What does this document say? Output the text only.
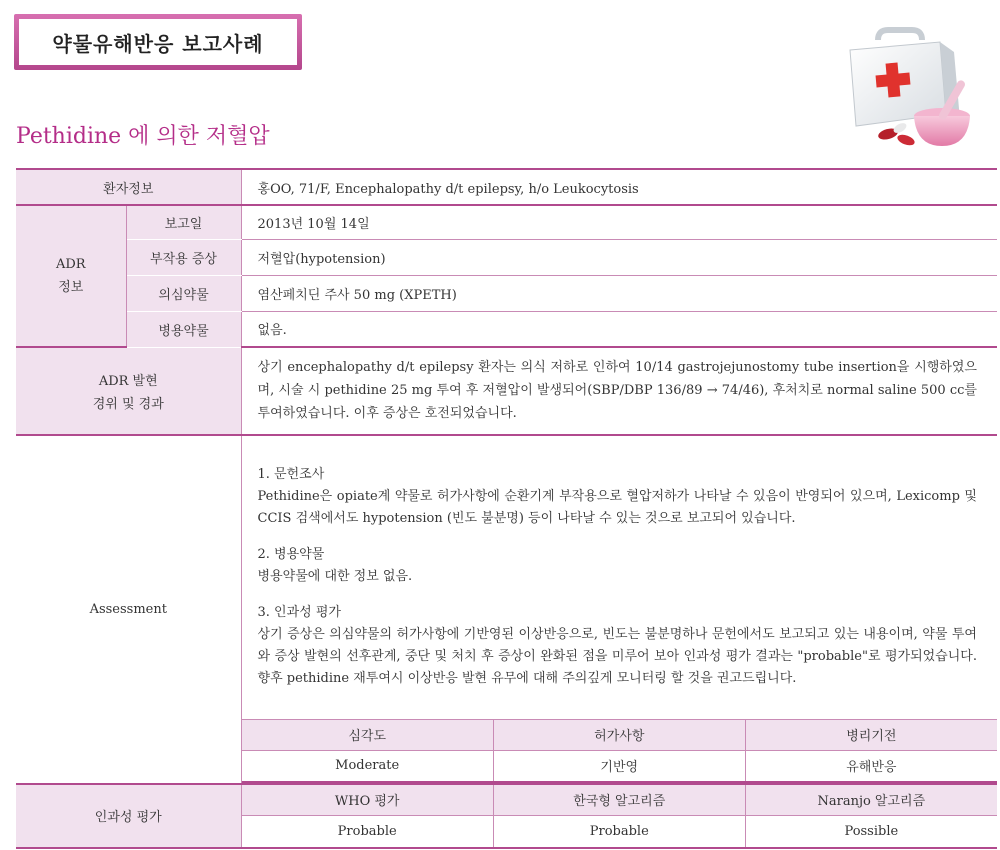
약물유해반응 보고사례
Pethidine 에 의한 저혈압
환자정보	홍OO, 71/F, Encephalopathy d/t epilepsy, h/o Leukocytosis

ADR
정보
	보고일	2013년 10월 14일
부작용 증상	저혈압(hypotension)
의심약물	염산페치딘 주사 50 mg (XPETH)
병용약물	없음.

ADR 발현
경위 및 경과
	상기 encephalopathy d/t epilepsy 환자는 의식 저하로 인하여 10/14 gastrojejunostomy tube insertion을 시행하였으며, 시술 시 pethidine 25 mg 투여 후 저혈압이 발생되어(SBP/DBP 136/89 → 74/46), 후처치로 normal saline 500 cc를 투여하였습니다. 이후 증상은 호전되었습니다.
Assessment	
1. 문헌조사
Pethidine은 opiate계 약물로 허가사항에 순환기계 부작용으로 혈압저하가 나타날 수 있음이 반영되어 있으며, Lexicomp 및 CCIS 검색에서도 hypotension (빈도 불분명) 등이 나타날 수 있는 것으로 보고되어 있습니다.
2. 병용약물
병용약물에 대한 정보 없음.
3. 인과성 평가
상기 증상은 의심약물의 허가사항에 기반영된 이상반응으로, 빈도는 불분명하나 문헌에서도 보고되고 있는 내용이며, 약물 투여와 증상 발현의 선후관계, 중단 및 처치 후 증상이 완화된 점을 미루어 보아 인과성 평가 결과는 "probable"로 평가되었습니다. 향후 pethidine 재투여시 이상반응 발현 유무에 대해 주의깊게 모니터링 할 것을 권고드립니다.

심각도	허가사항	병리기전
Moderate	기반영	유해반응

인과성 평가	
WHO 평가	한국형 알고리즘	Naranjo 알고리즘
Probable	Probable	Possible
